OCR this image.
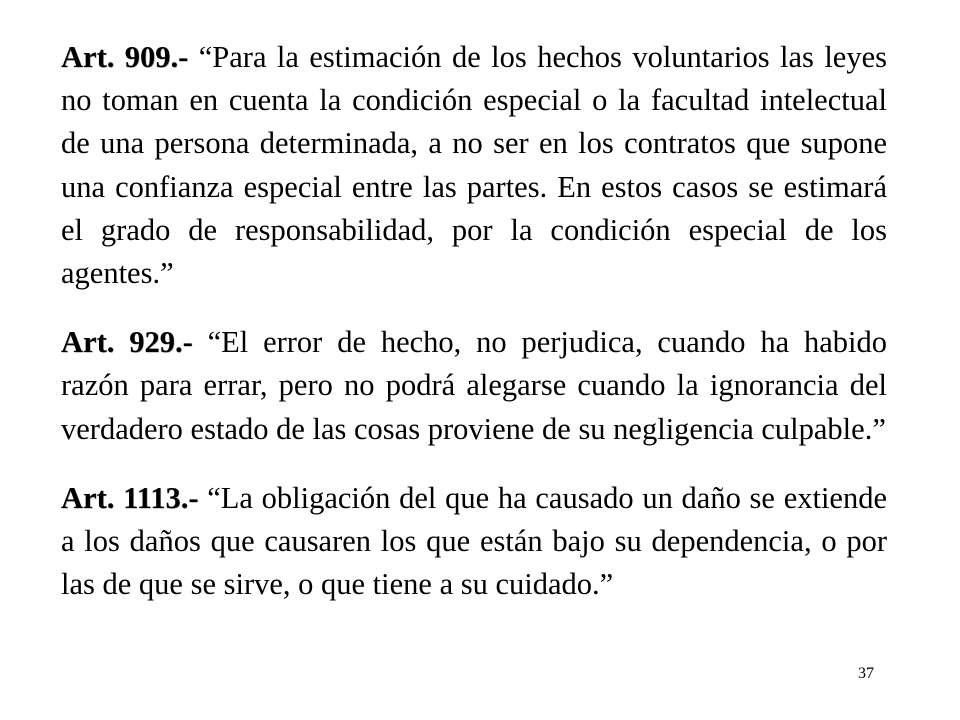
Art. 909.- “Para la estimación de los hechos voluntarios las leyes no toman en cuenta la condición especial o la facultad intelectual de una persona determinada, a no ser en los contratos que supone una confianza especial entre las partes. En estos casos se estimará el grado de responsabilidad, por la condición especial de los agentes.”

Art. 929.- “El error de hecho, no perjudica, cuando ha habido razón para errar, pero no podrá alegarse cuando la ignorancia del verdadero estado de las cosas proviene de su negligencia culpable.”

Art. 1113.- “La obligación del que ha causado un daño se extiende a los daños que causaren los que están bajo su dependencia, o por las de que se sirve, o que tiene a su cuidado.”

37
